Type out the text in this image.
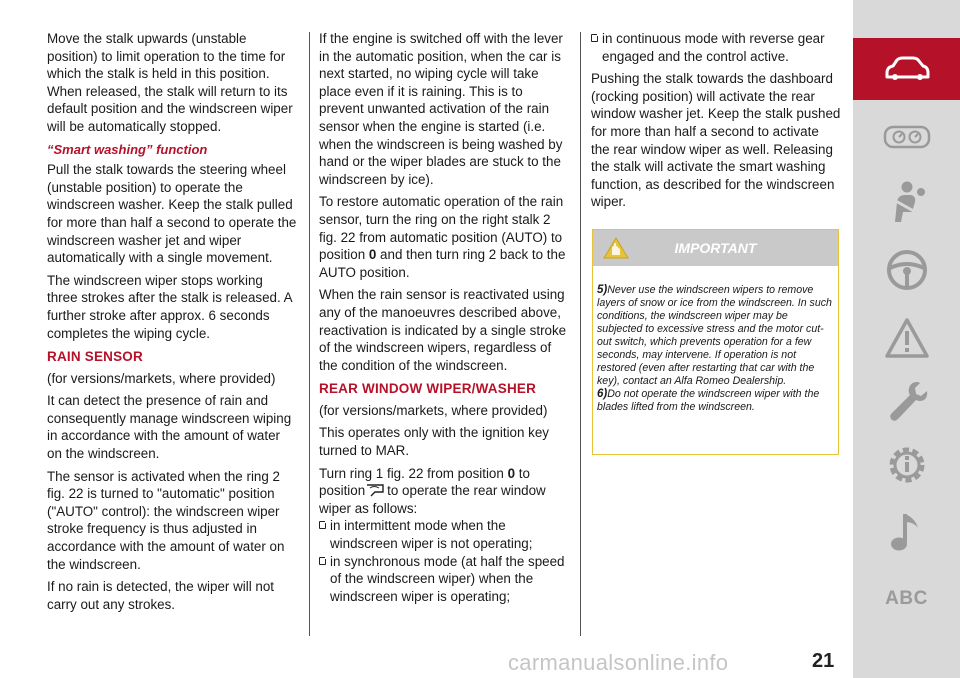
Move the stalk upwards (unstable position) to limit operation to the time for which the stalk is held in this position. When released, the stalk will return to its default position and the windscreen wiper will be automatically stopped.

“Smart washing” function

Pull the stalk towards the steering wheel (unstable position) to operate the windscreen washer. Keep the stalk pulled for more than half a second to operate the windscreen washer jet and wiper automatically with a single movement.

The windscreen wiper stops working three strokes after the stalk is released. A further stroke after approx. 6 seconds completes the wiping cycle.

RAIN SENSOR

(for versions/markets, where provided)

It can detect the presence of rain and consequently manage windscreen wiping in accordance with the amount of water on the windscreen.

The sensor is activated when the ring 2 fig. 22 is turned to "automatic" position ("AUTO" control): the windscreen wiper stroke frequency is thus adjusted in accordance with the amount of water on the windscreen.

If no rain is detected, the wiper will not carry out any strokes.

If the engine is switched off with the lever in the automatic position, when the car is next started, no wiping cycle will take place even if it is raining. This is to prevent unwanted activation of the rain sensor when the engine is started (i.e. when the windscreen is being washed by hand or the wiper blades are stuck to the windscreen by ice).

To restore automatic operation of the rain sensor, turn the ring on the right stalk 2 fig. 22 from automatic position (AUTO) to position 0 and then turn ring 2 back to the AUTO position.

When the rain sensor is reactivated using any of the manoeuvres described above, reactivation is indicated by a single stroke of the windscreen wipers, regardless of the condition of the windscreen.

REAR WINDOW WIPER/WASHER

(for versions/markets, where provided)

This operates only with the ignition key turned to MAR.

Turn ring 1 fig. 22 from position 0 to
position to operate the rear window wiper as follows:

in intermittent mode when the windscreen wiper is not operating;
in synchronous mode (at half the speed of the windscreen wiper) when the windscreen wiper is operating;
in continuous mode with reverse gear engaged and the control active.

Pushing the stalk towards the dashboard (rocking position) will activate the rear window washer jet. Keep the stalk pushed for more than half a second to activate the rear window wiper as well. Releasing the stalk will activate the smart washing function, as described for the windscreen wiper.

IMPORTANT

5)Never use the windscreen wipers to remove layers of snow or ice from the windscreen. In such conditions, the windscreen wiper may be subjected to excessive stress and the motor cut-out switch, which prevents operation for a few seconds, may intervene. If operation is not restored (even after restarting that car with the key), contact an Alfa Romeo Dealership.

6)Do not operate the windscreen wiper with the blades lifted from the windscreen.

ABC
carmanualsonline.info	21
